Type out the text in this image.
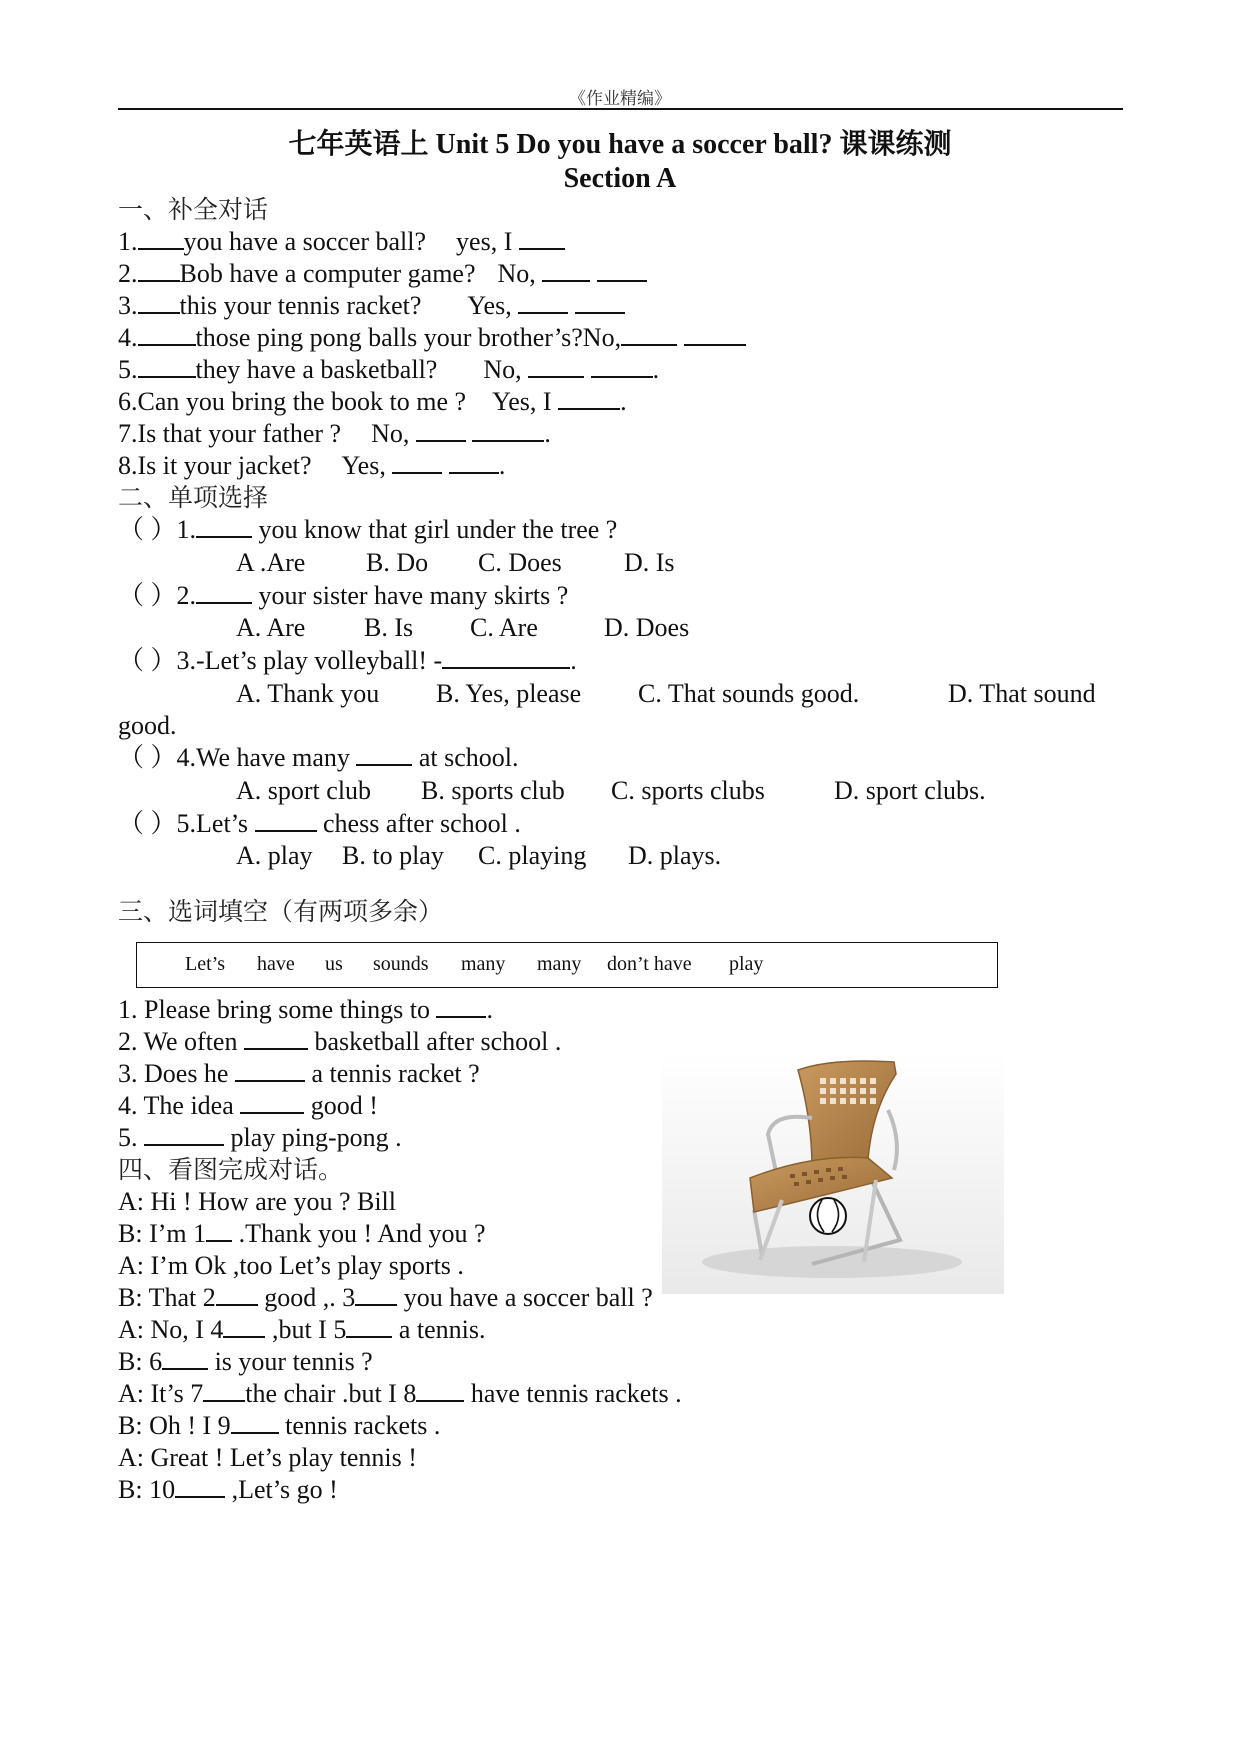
《作业精编》
七年英语上 Unit 5 Do you have a soccer ball? 课课练测
Section A
一、补全对话
1. you have a soccer ball? yes, I
2. Bob have a computer game? No,
3. this your tennis racket? Yes,
4. those ping pong balls your brother’s?No,
5. they have a basketball? No,	.
6.Can you bring the book to me ? Yes, I	.
7.Is that your father ? No,	.
8.Is it your jacket? Yes,	.
二、单项选择
（ ）1. you know that girl under the tree ?
A .Are B. Do C. Does D. Is
（ ）2. your sister have many skirts ?
A. Are B. Is C. Are	D. Does
（ ）3.-Let’s play volleyball! -	.
A. Thank you B. Yes, please C. That sounds good.	D. That sound
good.
（ ）4.We have many  at school.
A. sport club B. sports club C. sports clubs	D. sport clubs.
（ ）5.Let’s  chess after school .
A. play B. to play C. playing D. plays.
三、选词填空（有两项多余）
Let’s have us sounds many many don’t have play
1. Please bring some things to .
2. We often  basketball after school .
3. Does he	a tennis racket ?
4. The idea  good !
5.	play ping-pong .
四、看图完成对话。
A: Hi ! How are you ? Bill
B: I’m 1 .Thank you ! And you ?
A: I’m Ok ,too Let’s play sports .
B: That 2 good ,. 3 you have a soccer ball ?
A: No, I 4 ,but I 5 a tennis.
B: 6 is your tennis ?
A: It’s 7 the chair .but I 8 have tennis rackets .
B: Oh ! I 9 tennis rackets .
A: Great ! Let’s play tennis !
B: 10 ,Let’s go !
